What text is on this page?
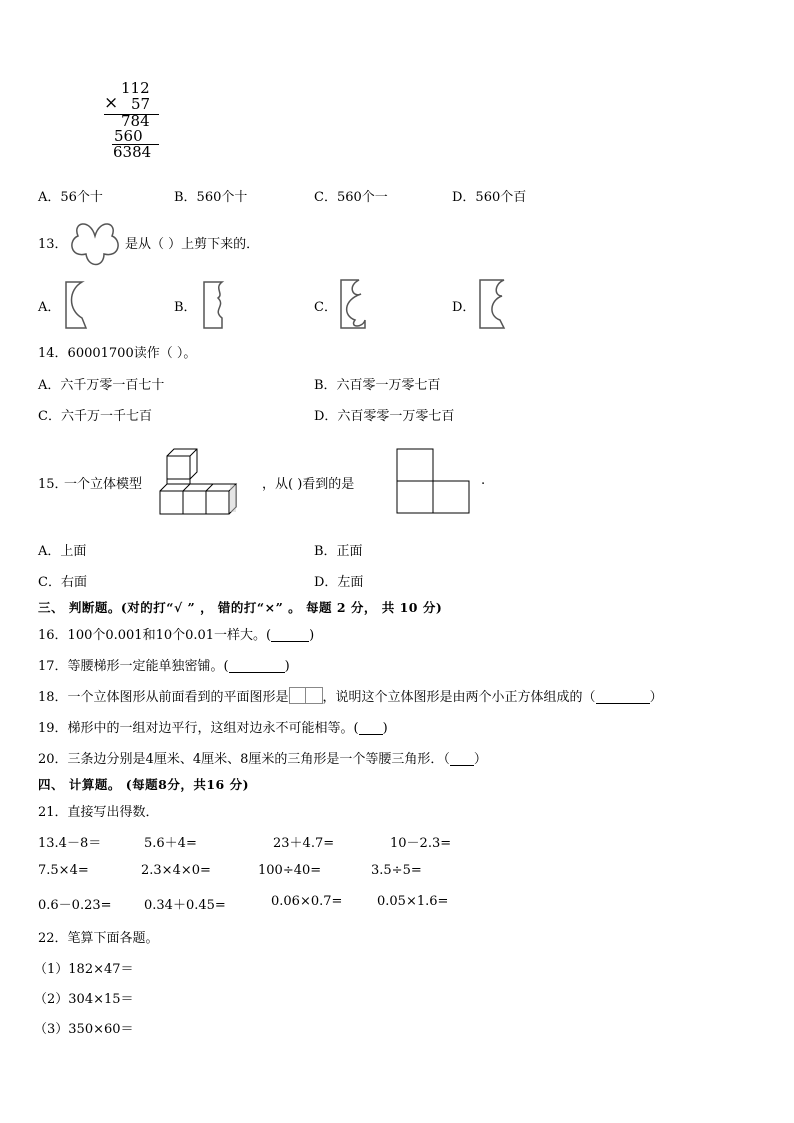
112
× 57
784
560
6384
A．56个十	B．560个十	C．560个一	D．560个百
13．	是从（ ）上剪下来的．
A．	B．	C．	D．
14．60001700读作（ ）。
A．六千万零一百七十	B．六百零一万零七百
C．六千万一千七百	D．六百零零一万零七百
15．
一个立体模型	，从( )看到的是	.
A．上面	B．正面
C．右面	D．左面
三、 判断题。(对的打“√ ” ， 错的打“×” 。 每题 2 分， 共 10 分)
16．100个0.001和10个0.01一样大。(	)
17．等腰梯形一定能单独密铺。(	)
18．一个立体图形从前面看到的平面图形是	，说明这个立体图形是由两个小正方体组成的（	）
19．梯形中的一组对边平行，这组对边永不可能相等。( )
20．三条边分别是4厘米、4厘米、8厘米的三角形是一个等腰三角形．（ ）
四、 计算题。 (每题8分，共16 分)
21．直接写出得数．
13.4－8＝	5.6＋4=	23＋4.7=	10－2.3=
7.5×4=	2.3×4×0=	100÷40=	3.5÷5=
0.6－0.23= 0.34＋0.45=	0.06×0.7=	0.05×1.6=
22．笔算下面各题。
（1）182×47＝
（2）304×15＝
（3）350×60＝
